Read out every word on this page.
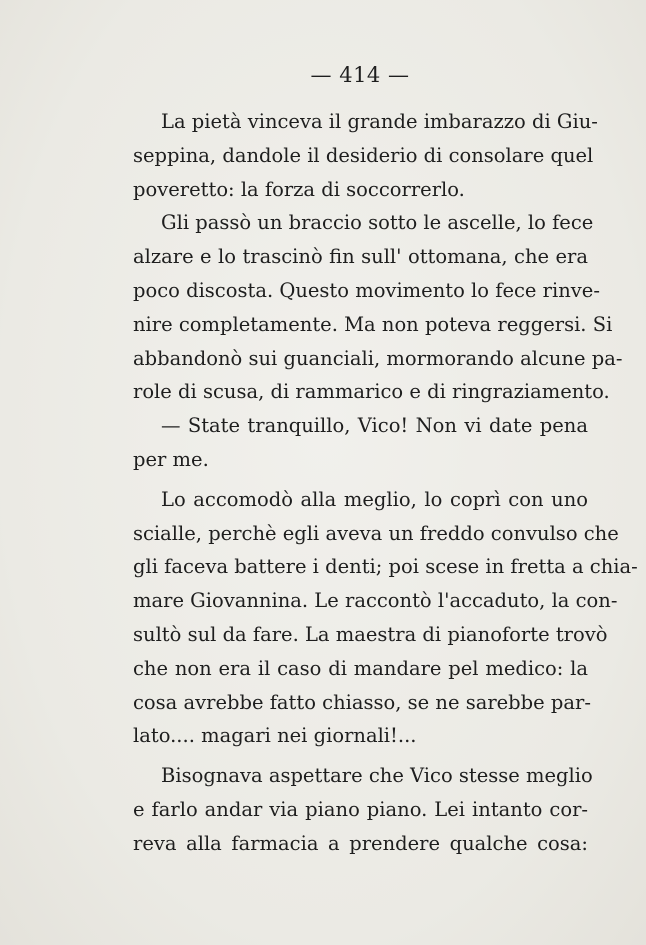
— 414 —
La pietà vinceva il grande imbarazzo di Giu-
seppina, dandole il desiderio di consolare quel
poveretto: la forza di soccorrerlo.
Gli passò un braccio sotto le ascelle, lo fece
alzare e lo trascinò fin sull' ottomana, che era
poco discosta. Questo movimento lo fece rinve-
nire completamente. Ma non poteva reggersi. Si
abbandonò sui guanciali, mormorando alcune pa-
role di scusa, di rammarico e di ringraziamento.
— State tranquillo, Vico! Non vi date pena
per me.
Lo accomodò alla meglio, lo coprì con uno
scialle, perchè egli aveva un freddo convulso che
gli faceva battere i denti; poi scese in fretta a chia-
mare Giovannina. Le raccontò l'accaduto, la con-
sultò sul da fare. La maestra di pianoforte trovò
che non era il caso di mandare pel medico: la
cosa avrebbe fatto chiasso, se ne sarebbe par-
lato.... magari nei giornali!...
Bisognava aspettare che Vico stesse meglio
e farlo andar via piano piano. Lei intanto cor-
reva alla farmacia a prendere qualche cosa:
